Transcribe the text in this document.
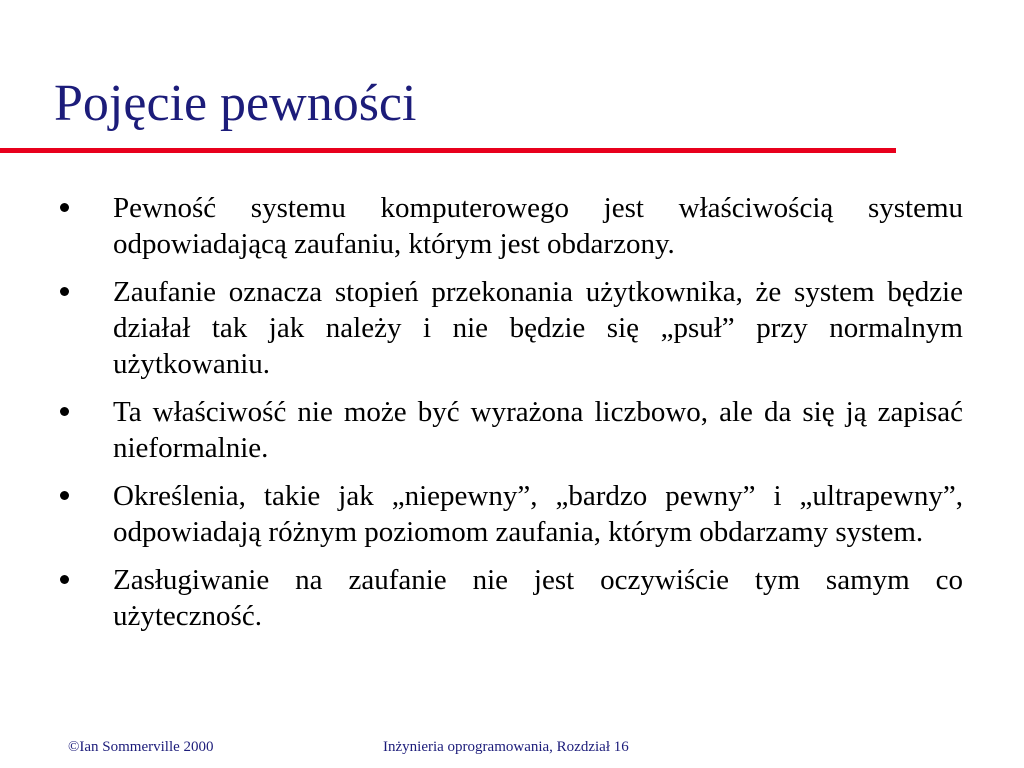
Pojęcie pewności
Pewność systemu komputerowego jest właściwością systemu odpowiadającą zaufaniu, którym jest obdarzony.
Zaufanie oznacza stopień przekonania użytkownika, że system będzie działał tak jak należy i nie będzie się „psuł” przy normalnym użytkowaniu.
Ta właściwość nie może być wyrażona liczbowo, ale da się ją zapisać nieformalnie.
Określenia, takie jak „niepewny”, „bardzo pewny” i „ultrapewny”, odpowiadają różnym poziomom zaufania, którym obdarzamy system.
Zasługiwanie na zaufanie nie jest oczywiście tym samym co użyteczność.
©Ian Sommerville 2000	Inżynieria oprogramowania, Rozdział 16
